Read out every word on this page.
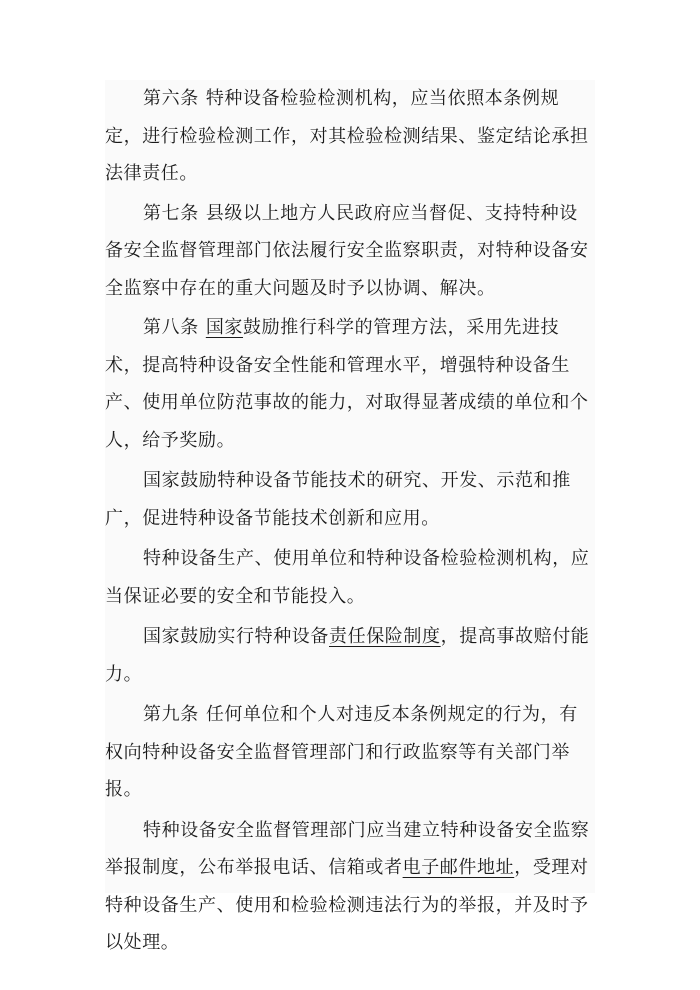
第六条 特种设备检验检测机构，应当依照本条例规定，进行检验检测工作，对其检验检测结果、鉴定结论承担法律责任。

第七条 县级以上地方人民政府应当督促、支持特种设备安全监督管理部门依法履行安全监察职责，对特种设备安全监察中存在的重大问题及时予以协调、解决。

第八条 国家鼓励推行科学的管理方法，采用先进技术，提高特种设备安全性能和管理水平，增强特种设备生产、使用单位防范事故的能力，对取得显著成绩的单位和个人，给予奖励。

国家鼓励特种设备节能技术的研究、开发、示范和推广，促进特种设备节能技术创新和应用。

特种设备生产、使用单位和特种设备检验检测机构，应当保证必要的安全和节能投入。

国家鼓励实行特种设备责任保险制度，提高事故赔付能力。

第九条 任何单位和个人对违反本条例规定的行为，有权向特种设备安全监督管理部门和行政监察等有关部门举报。

特种设备安全监督管理部门应当建立特种设备安全监察举报制度，公布举报电话、信箱或者电子邮件地址，受理对特种设备生产、使用和检验检测违法行为的举报，并及时予以处理。
